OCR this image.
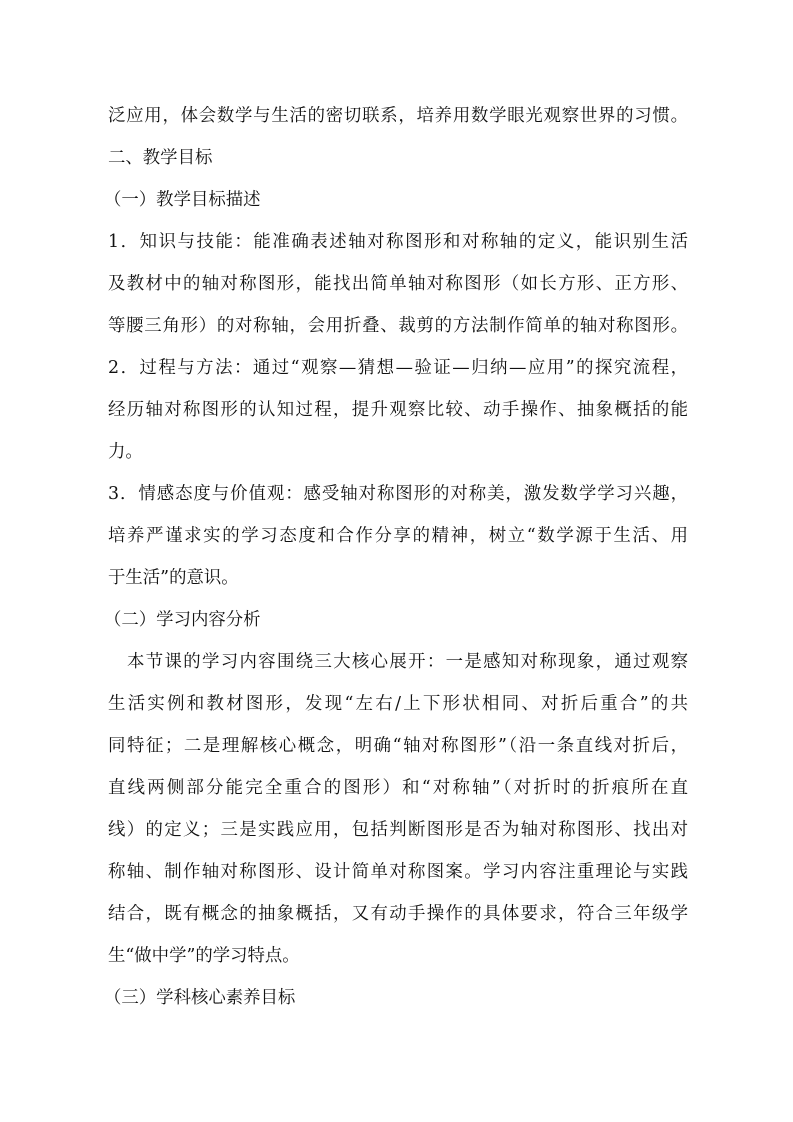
泛应用，体会数学与生活的密切联系，培养用数学眼光观察世界的习惯。

二、教学目标

（一）教学目标描述

1．知识与技能：能准确表述轴对称图形和对称轴的定义，能识别生活

及教材中的轴对称图形，能找出简单轴对称图形（如长方形、正方形、

等腰三角形）的对称轴，会用折叠、裁剪的方法制作简单的轴对称图形。

2．过程与方法：通过“观察—猜想—验证—归纳—应用”的探究流程，

经历轴对称图形的认知过程，提升观察比较、动手操作、抽象概括的能

力。

3．情感态度与价值观：感受轴对称图形的对称美，激发数学学习兴趣，

培养严谨求实的学习态度和合作分享的精神，树立“数学源于生活、用

于生活”的意识。

（二）学习内容分析

本节课的学习内容围绕三大核心展开：一是感知对称现象，通过观察

生活实例和教材图形，发现“左右/上下形状相同、对折后重合”的共

同特征；二是理解核心概念，明确“轴对称图形”（沿一条直线对折后，

直线两侧部分能完全重合的图形）和“对称轴”（对折时的折痕所在直

线）的定义；三是实践应用，包括判断图形是否为轴对称图形、找出对

称轴、制作轴对称图形、设计简单对称图案。学习内容注重理论与实践

结合，既有概念的抽象概括，又有动手操作的具体要求，符合三年级学

生“做中学”的学习特点。

（三）学科核心素养目标
